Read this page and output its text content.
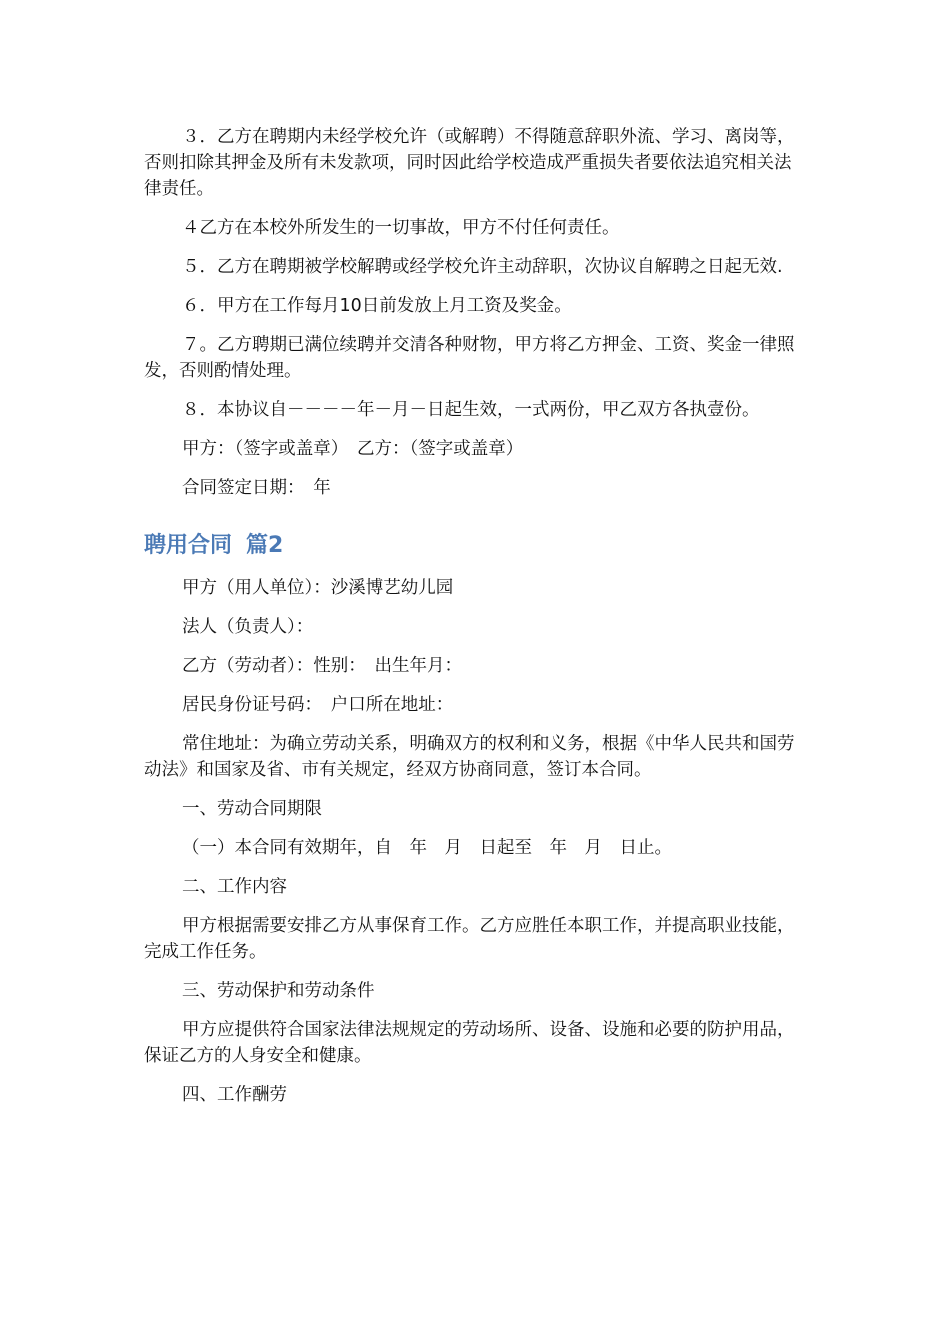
３．乙方在聘期内未经学校允许（或解聘）不得随意辞职外流、学习、离岗等，否则扣除其押金及所有未发款项，同时因此给学校造成严重损失者要依法追究相关法律责任。

４乙方在本校外所发生的一切事故，甲方不付任何责任。

５．乙方在聘期被学校解聘或经学校允许主动辞职，次协议自解聘之日起无效.

６．甲方在工作每月10日前发放上月工资及奖金。

７。乙方聘期已满位续聘并交清各种财物，甲方将乙方押金、工资、奖金一律照发，否则酌情处理。

８．本协议自－－－－年－月－日起生效，一式两份，甲乙双方各执壹份。

甲方：（签字或盖章）　乙方：（签字或盖章）

合同签定日期：　年

聘用合同 篇2

甲方（用人单位）：沙溪博艺幼儿园

法人（负责人）：

乙方（劳动者）：性别：　出生年月：

居民身份证号码：　户口所在地址：

常住地址：为确立劳动关系，明确双方的权利和义务，根据《中华人民共和国劳动法》和国家及省、市有关规定，经双方协商同意，签订本合同。

一、劳动合同期限

（一）本合同有效期年，自　年　月　日起至　年　月　日止。

二、工作内容

甲方根据需要安排乙方从事保育工作。乙方应胜任本职工作，并提高职业技能，完成工作任务。

三、劳动保护和劳动条件

甲方应提供符合国家法律法规规定的劳动场所、设备、设施和必要的防护用品，保证乙方的人身安全和健康。

四、工作酬劳
